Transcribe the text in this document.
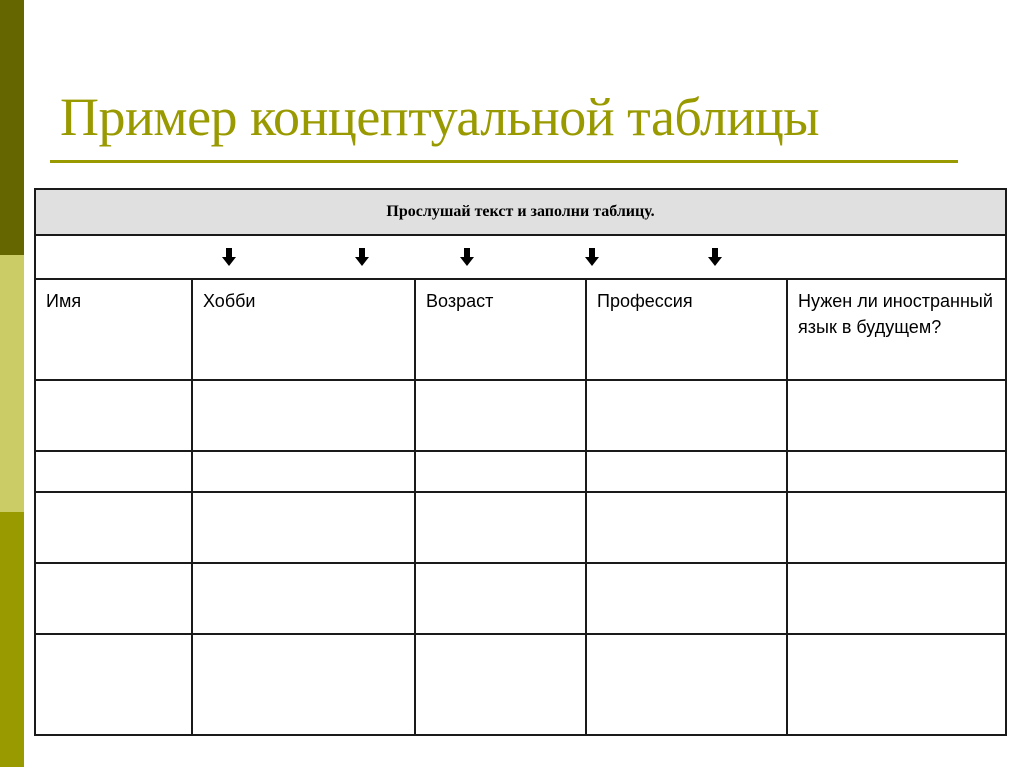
Пример концептуальной таблицы
Прослушай текст и заполни таблицу.				

Имя	Хобби	Возраст	Профессия	Нужен ли иностранный язык в будущем?
